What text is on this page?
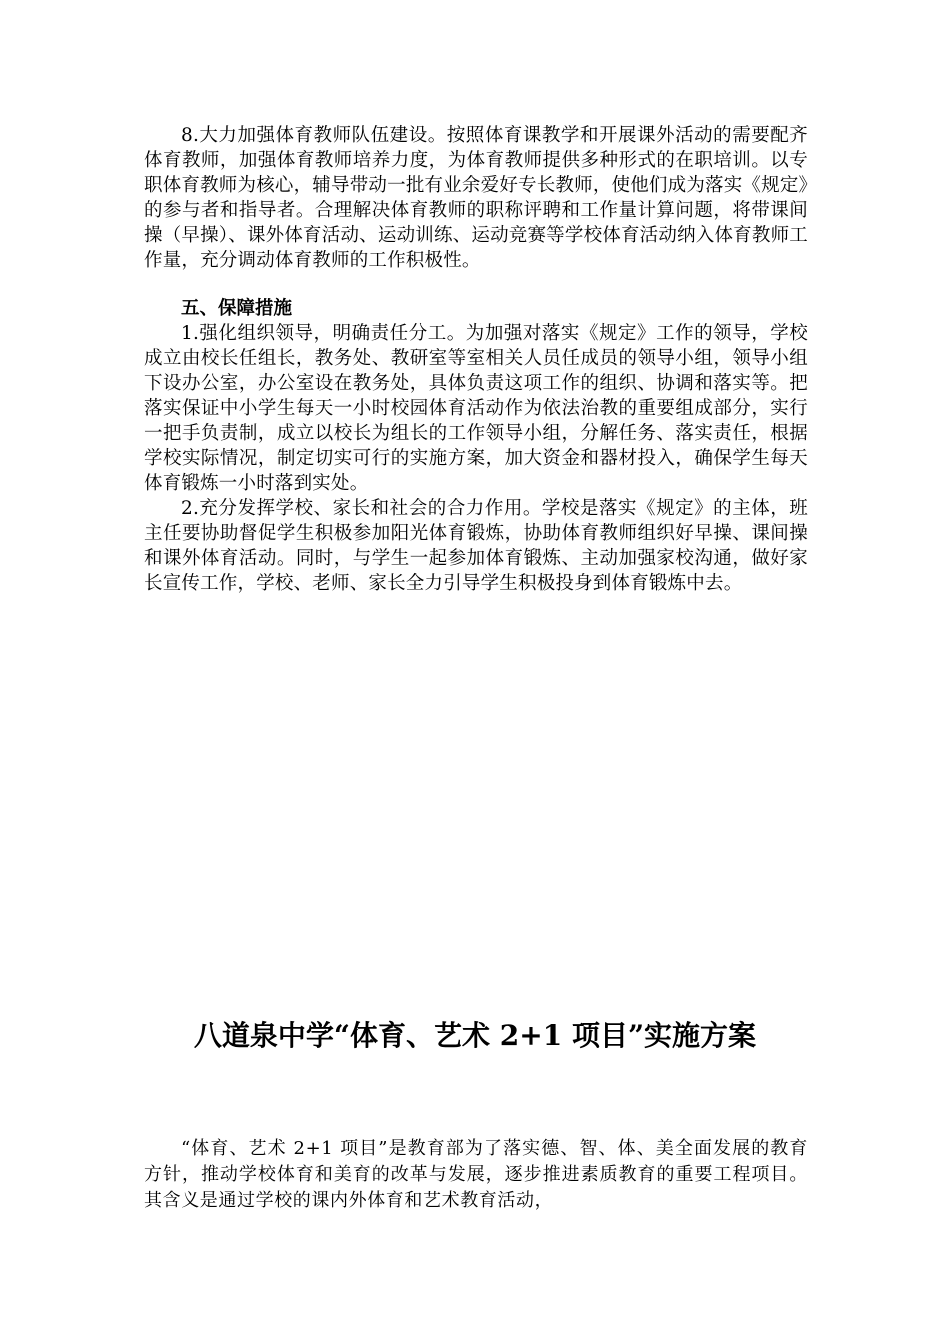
8.大力加强体育教师队伍建设。按照体育课教学和开展课外活动的需要配齐体育教师，加强体育教师培养力度，为体育教师提供多种形式的在职培训。以专职体育教师为核心，辅导带动一批有业余爱好专长教师，使他们成为落实《规定》的参与者和指导者。合理解决体育教师的职称评聘和工作量计算问题，将带课间操（早操）、课外体育活动、运动训练、运动竞赛等学校体育活动纳入体育教师工作量，充分调动体育教师的工作积极性。

五、保障措施

1.强化组织领导，明确责任分工。为加强对落实《规定》工作的领导，学校成立由校长任组长，教务处、教研室等室相关人员任成员的领导小组，领导小组下设办公室，办公室设在教务处，具体负责这项工作的组织、协调和落实等。把落实保证中小学生每天一小时校园体育活动作为依法治教的重要组成部分，实行一把手负责制，成立以校长为组长的工作领导小组，分解任务、落实责任，根据学校实际情况，制定切实可行的实施方案，加大资金和器材投入，确保学生每天体育锻炼一小时落到实处。

2.充分发挥学校、家长和社会的合力作用。学校是落实《规定》的主体，班主任要协助督促学生积极参加阳光体育锻炼，协助体育教师组织好早操、课间操和课外体育活动。同时，与学生一起参加体育锻炼、主动加强家校沟通，做好家长宣传工作，学校、老师、家长全力引导学生积极投身到体育锻炼中去。

八道泉中学“体育、艺术 2+1 项目”实施方案

“体育、艺术 2+1 项目”是教育部为了落实德、智、体、美全面发展的教育方针，推动学校体育和美育的改革与发展，逐步推进素质教育的重要工程项目。其含义是通过学校的课内外体育和艺术教育活动，
